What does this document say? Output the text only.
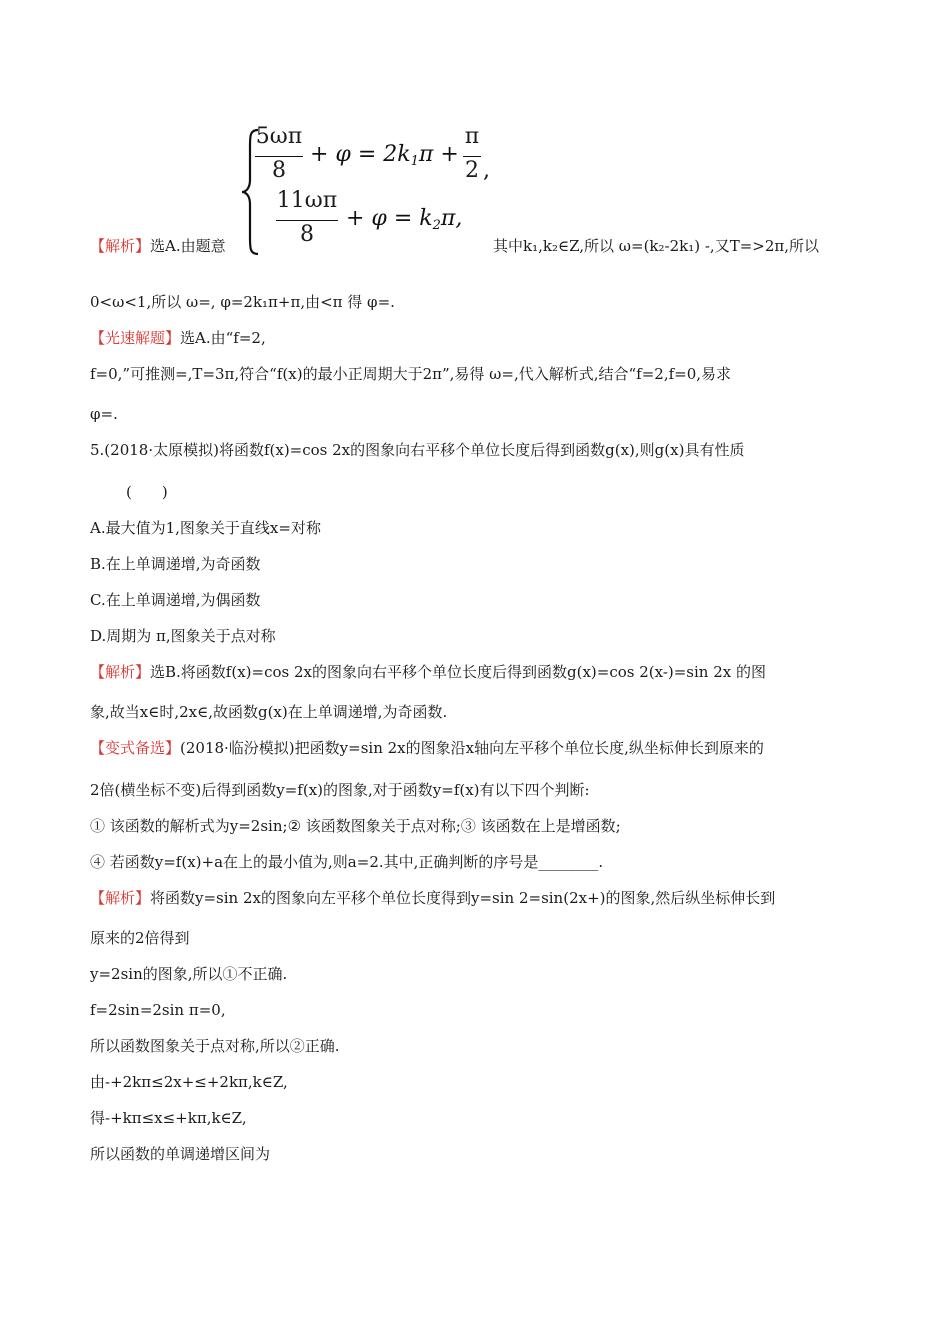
5ωπ
8
+ $\varphi = 2k_1\pi$ +
π
2 ,
11ωπ
8
+ $\varphi = k_2\pi$,
【解析】选A.由题意	其中k₁,k₂∈Z,所以 ω=(k₂-2k₁) -,又T=>2π,所以
0<ω<1,所以 ω=, φ=2k₁π+π,由<π 得 φ=.
【光速解题】选A.由“f=2,
f=0,”可推测=,T=3π,符合“f(x)的最小正周期大于2π”,易得 ω=,代入解析式,结合“f=2,f=0,易求
φ=.
5.(2018·太原模拟)将函数f(x)=cos 2x的图象向右平移个单位长度后得到函数g(x),则g(x)具有性质
(　　)
A.最大值为1,图象关于直线x=对称
B.在上单调递增,为奇函数
C.在上单调递增,为偶函数
D.周期为 π,图象关于点对称
【解析】选B.将函数f(x)=cos 2x的图象向右平移个单位长度后得到函数g(x)=cos 2(x-)=sin 2x 的图
象,故当x∈时,2x∈,故函数g(x)在上单调递增,为奇函数.
【变式备选】(2018·临汾模拟)把函数y=sin 2x的图象沿x轴向左平移个单位长度,纵坐标伸长到原来的
2倍(横坐标不变)后得到函数y=f(x)的图象,对于函数y=f(x)有以下四个判断:
① 该函数的解析式为y=2sin;② 该函数图象关于点对称;③ 该函数在上是增函数;
④ 若函数y=f(x)+a在上的最小值为,则a=2.其中,正确判断的序号是________.
【解析】将函数y=sin 2x的图象向左平移个单位长度得到y=sin 2=sin(2x+)的图象,然后纵坐标伸长到
原来的2倍得到
y=2sin的图象,所以①不正确.
f=2sin=2sin π=0,
所以函数图象关于点对称,所以②正确.
由-+2kπ≤2x+≤+2kπ,k∈Z,
得-+kπ≤x≤+kπ,k∈Z,
所以函数的单调递增区间为
